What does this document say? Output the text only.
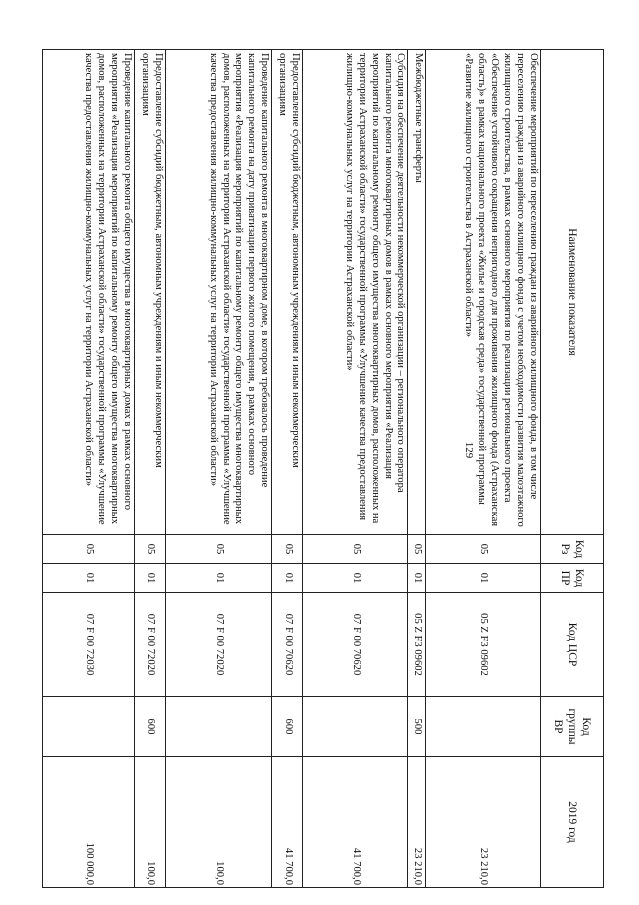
129
Наименование показателя	Код Рз	Код ПР	Код ЦСР	Код группы ВР	2019 год
Обеспечение мероприятий по переселению граждан из аварийного жилищного фонда, в том числе переселению граждан из аварийного жилищного фонда с учетом необходимости развития малоэтажного жилищного строительства, в рамках основного мероприятия по реализации регионального проекта «Обеспечение устойчивого сокращения непригодного для проживания жилищного фонда (Астраханская область)» в рамках национального проекта «Жилье и городская среда» государственной программы «Развитие жилищного строительства в Астраханской области»	05	01	05 Z F3 09602		23 210,0
Межбюджетные трансферты	05	01	05 Z F3 09602	500	23 210,0
Субсидия на обеспечение деятельности некоммерческой организации – регионального оператора капитального ремонта многоквартирных домов в рамках основного мероприятия «Реализация мероприятий по капитальному ремонту общего имущества многоквартирных домов, расположенных на территории Астраханской области» государственной программы «Улучшение качества предоставления жилищно-коммунальных услуг на территории Астраханской области»	05	01	07 F 00 70620		41 700,0
Предоставление субсидий бюджетным, автономным учреждениям и иным некоммерческим организациям	05	01	07 F 00 70620	600	41 700,0
Проведение капитального ремонта в многоквартирном доме, в котором требовалось проведение капитального ремонта на дату приватизации первого жилого помещения, в рамках основного мероприятия «Реализация мероприятий по капитальному ремонту общего имущества многоквартирных домов, расположенных на территории Астраханской области» государственной программы «Улучшение качества предоставления жилищно-коммунальных услуг на территории Астраханской области»	05	01	07 F 00 72020		100,0
Предоставление субсидий бюджетным, автономным учреждениям и иным некоммерческим организациям	05	01	07 F 00 72020	600	100,0
Проведение капитального ремонта общего имущества в многоквартирных домах в рамках основного мероприятия «Реализация мероприятий по капитальному ремонту общего имущества многоквартирных домов, расположенных на территории Астраханской области» государственной программы «Улучшение качества предоставления жилищно-коммунальных услуг на территории Астраханской области»	05	01	07 F 00 72030		100 000,0
